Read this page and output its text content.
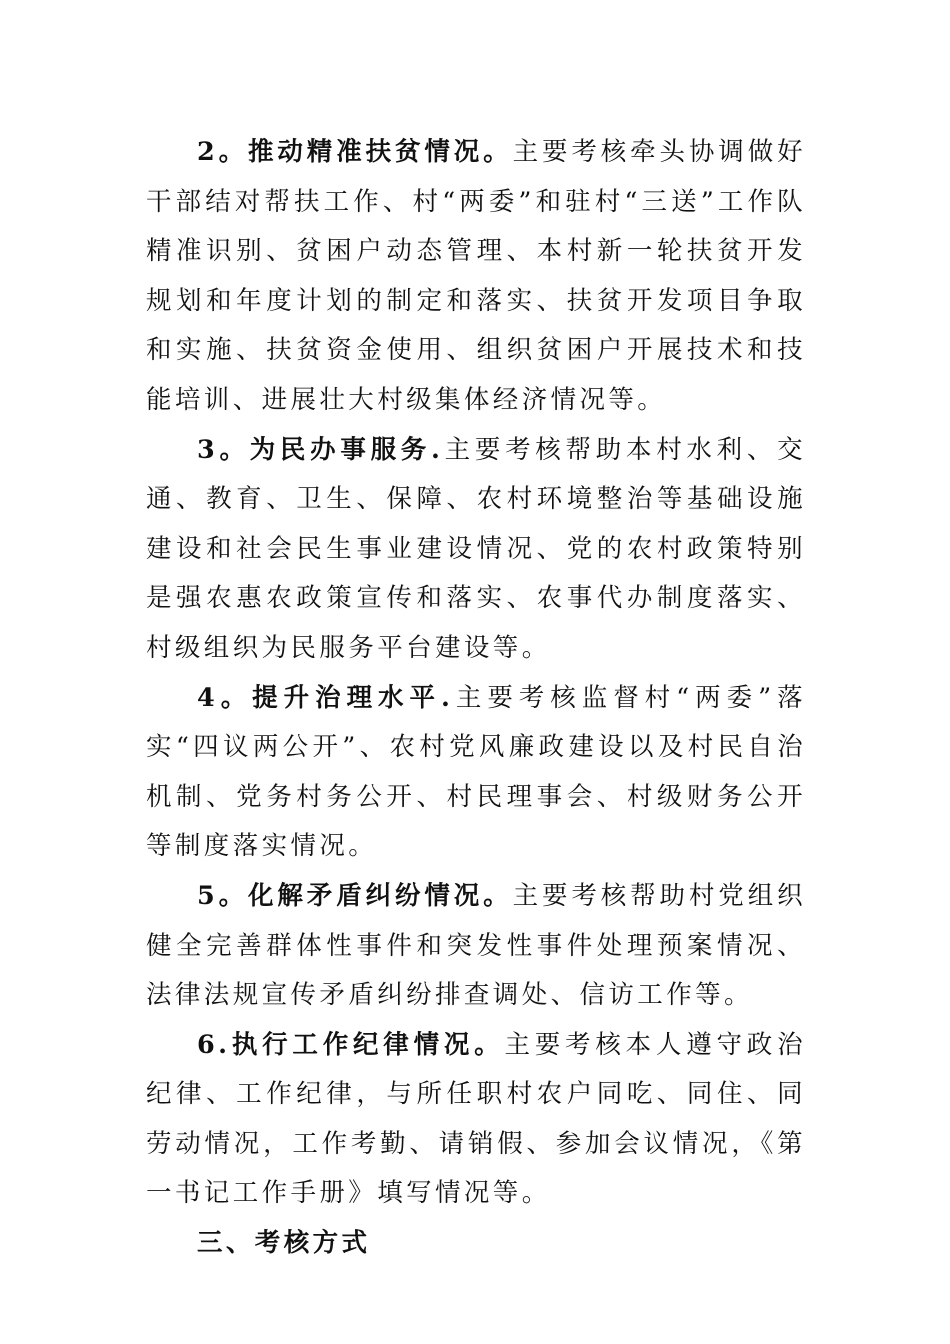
2。推动精准扶贫情况。主要考核牵头协调做好干部结对帮扶工作、村“两委”和驻村“三送”工作队精准识别、贫困户动态管理、本村新一轮扶贫开发规划和年度计划的制定和落实、扶贫开发项目争取和实施、扶贫资金使用、组织贫困户开展技术和技能培训、进展壮大村级集体经济情况等。

3。为民办事服务.主要考核帮助本村水利、交通、教育、卫生、保障、农村环境整治等基础设施建设和社会民生事业建设情况、党的农村政策特别是强农惠农政策宣传和落实、农事代办制度落实、村级组织为民服务平台建设等。

4。提升治理水平.主要考核监督村“两委”落实“四议两公开”、农村党风廉政建设以及村民自治机制、党务村务公开、村民理事会、村级财务公开等制度落实情况。

5。化解矛盾纠纷情况。主要考核帮助村党组织健全完善群体性事件和突发性事件处理预案情况、法律法规宣传矛盾纠纷排查调处、信访工作等。

6.执行工作纪律情况。主要考核本人遵守政治纪律、工作纪律，与所任职村农户同吃、同住、同劳动情况，工作考勤、请销假、参加会议情况，《第一书记工作手册》填写情况等。

三、考核方式
